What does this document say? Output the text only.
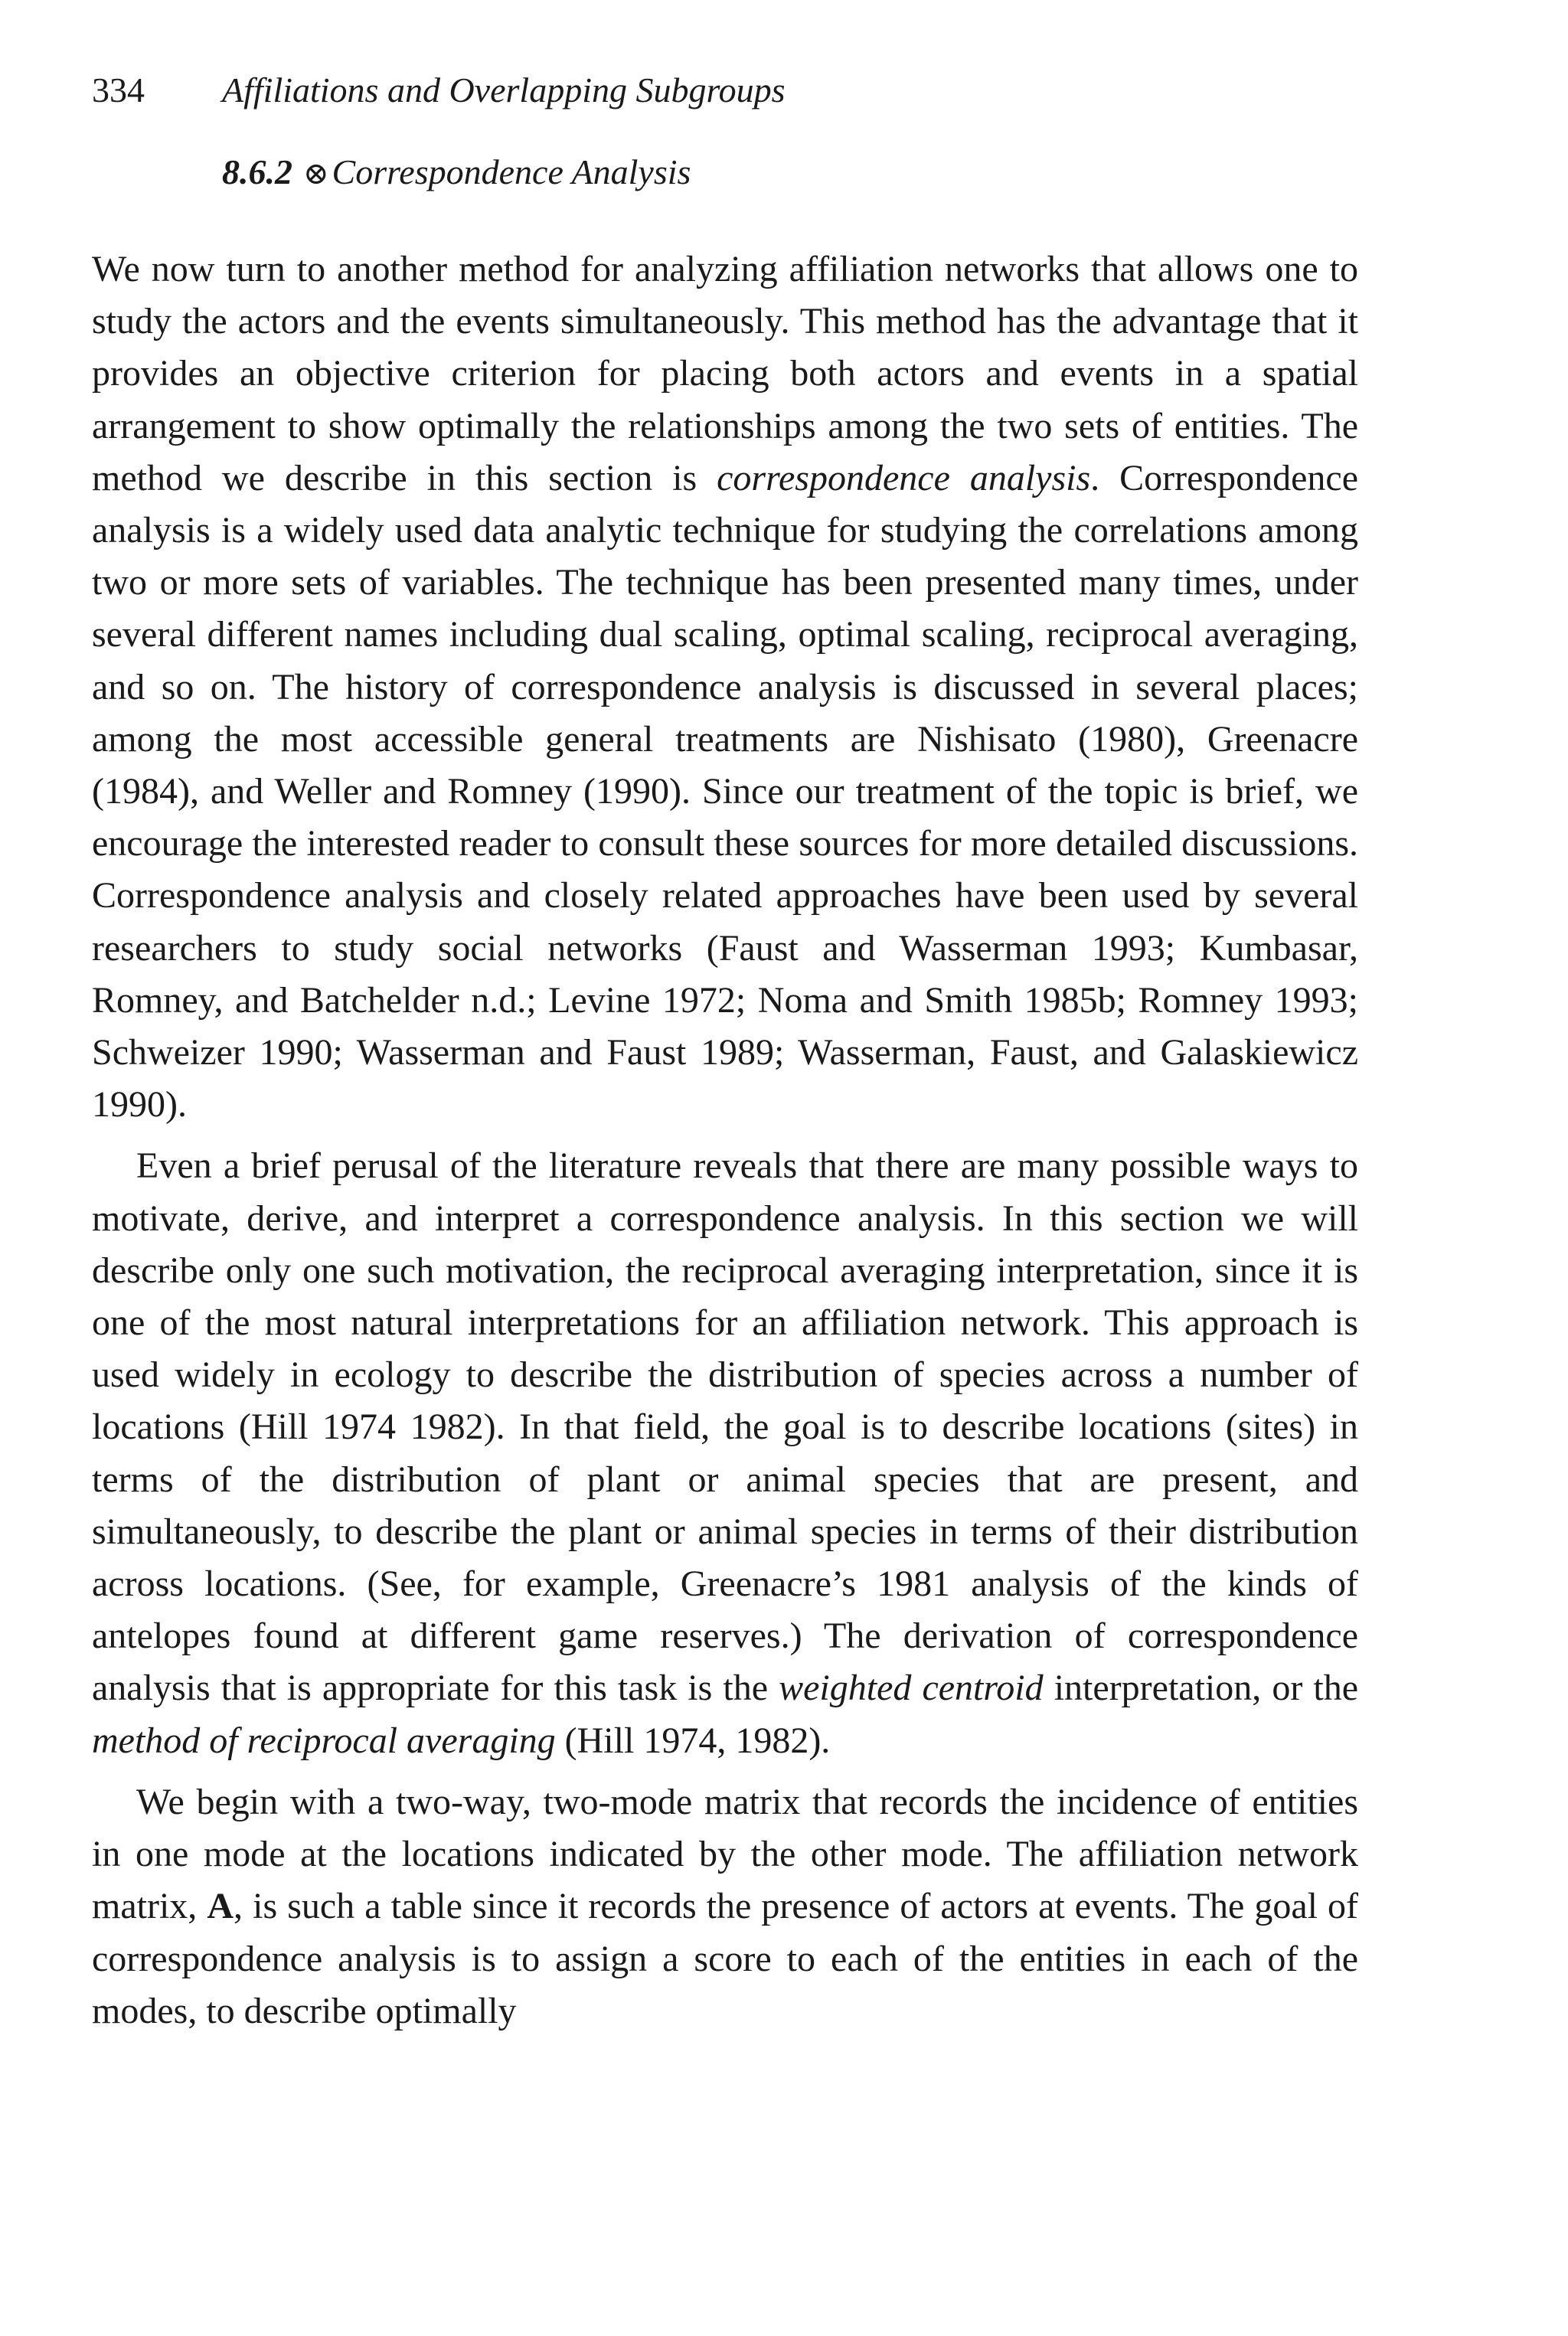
334 Affiliations and Overlapping Subgroups
8.6.2 ⊗Correspondence Analysis

We now turn to another method for analyzing affiliation networks that allows one to study the actors and the events simultaneously. This method has the advantage that it provides an objective criterion for placing both actors and events in a spatial arrangement to show optimally the relationships among the two sets of entities. The method we describe in this section is correspondence analysis. Correspondence analysis is a widely used data analytic technique for studying the correlations among two or more sets of variables. The technique has been presented many times, under several different names including dual scaling, optimal scaling, reciprocal averaging, and so on. The history of correspondence analysis is discussed in several places; among the most accessible general treatments are Nishisato (1980), Greenacre (1984), and Weller and Romney (1990). Since our treatment of the topic is brief, we encourage the interested reader to consult these sources for more detailed discussions. Correspondence analysis and closely related approaches have been used by several researchers to study social networks (Faust and Wasserman 1993; Kumbasar, Romney, and Batchelder n.d.; Levine 1972; Noma and Smith 1985b; Romney 1993; Schweizer 1990; Wasserman and Faust 1989; Wasserman, Faust, and Galaskiewicz 1990).

Even a brief perusal of the literature reveals that there are many possible ways to motivate, derive, and interpret a correspondence analysis. In this section we will describe only one such motivation, the reciprocal averaging interpretation, since it is one of the most natural interpretations for an affiliation network. This approach is used widely in ecology to describe the distribution of species across a number of locations (Hill 1974 1982). In that field, the goal is to describe locations (sites) in terms of the distribution of plant or animal species that are present, and simultaneously, to describe the plant or animal species in terms of their distribution across locations. (See, for example, Greenacre’s 1981 analysis of the kinds of antelopes found at different game reserves.) The derivation of correspondence analysis that is appropriate for this task is the weighted centroid interpretation, or the method of reciprocal averaging (Hill 1974, 1982).

We begin with a two-way, two-mode matrix that records the incidence of entities in one mode at the locations indicated by the other mode. The affiliation network matrix, A, is such a table since it records the presence of actors at events. The goal of correspondence analysis is to assign a score to each of the entities in each of the modes, to describe optimally
